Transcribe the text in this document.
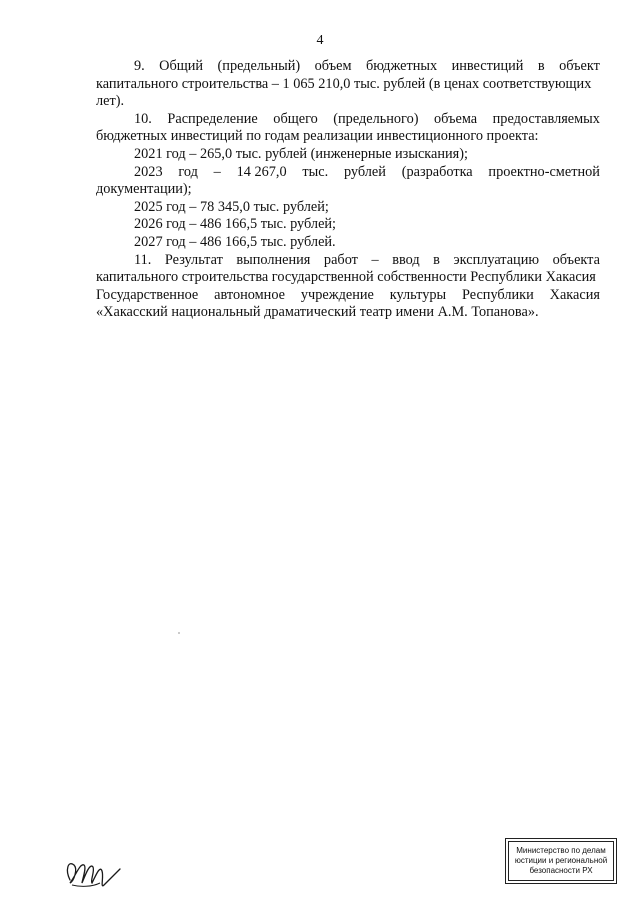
4
9. Общий (предельный) объем бюджетных инвестиций в объект

капитального строительства – 1 065 210,0 тыс. рублей (в ценах соответствующих

лет).

10. Распределение общего (предельного) объема предоставляемых

бюджетных инвестиций по годам реализации инвестиционного проекта:

2021 год – 265,0 тыс. рублей (инженерные изыскания);

2023 год – 14 267,0 тыс. рублей (разработка проектно-сметной

документации);

2025 год – 78 345,0 тыс. рублей;

2026 год – 486 166,5 тыс. рублей;

2027 год – 486 166,5 тыс. рублей.

11. Результат выполнения работ – ввод в эксплуатацию объекта

капитального строительства государственной собственности Республики Хакасия

Государственное автономное учреждение культуры Республики Хакасия

«Хакасский национальный драматический театр имени А.М. Топанова».

Министерство по делам
юстиции и региональной
безопасности РХ
